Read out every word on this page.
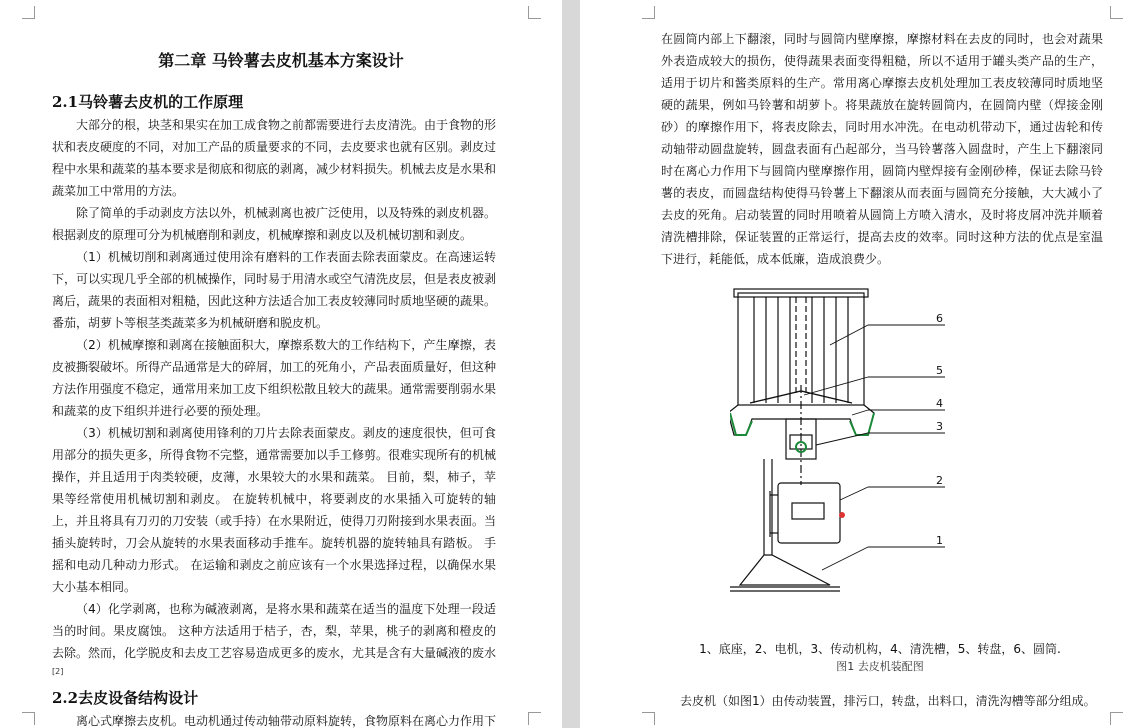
第二章 马铃薯去皮机基本方案设计
2.1马铃薯去皮机的工作原理

大部分的根，块茎和果实在加工成食物之前都需要进行去皮清洗。由于食物的形状和表皮硬度的不同，对加工产品的质量要求的不同，去皮要求也就有区别。剥皮过程中水果和蔬菜的基本要求是彻底和彻底的剥离，减少材料损失。机械去皮是水果和蔬菜加工中常用的方法。

除了简单的手动剥皮方法以外，机械剥离也被广泛使用，以及特殊的剥皮机器。根据剥皮的原理可分为机械磨削和剥皮，机械摩擦和剥皮以及机械切割和剥皮。

（1）机械切削和剥离通过使用涂有磨料的工作表面去除表面蒙皮。在高速运转下，可以实现几乎全部的机械操作，同时易于用清水或空气清洗皮层，但是表皮被剥离后，蔬果的表面相对粗糙，因此这种方法适合加工表皮较薄同时质地坚硬的蔬果。番茄，胡萝卜等根茎类蔬菜多为机械研磨和脱皮机。

（2）机械摩擦和剥离在接触面积大，摩擦系数大的工作结构下，产生摩擦，表皮被撕裂破坏。所得产品通常是大的碎屑，加工的死角小，产品表面质量好，但这种方法作用强度不稳定，通常用来加工皮下组织松散且较大的蔬果。通常需要削弱水果和蔬菜的皮下组织并进行必要的预处理。

（3）机械切割和剥离使用锋利的刀片去除表面蒙皮。剥皮的速度很快，但可食用部分的损失更多，所得食物不完整，通常需要加以手工修剪。很难实现所有的机械操作，并且适用于肉类较硬，皮薄，水果较大的水果和蔬菜。 目前，梨，柿子，苹果等经常使用机械切割和剥皮。 在旋转机械中，将要剥皮的水果插入可旋转的轴上，并且将具有刀刃的刀安装（或手持）在水果附近，使得刀刃附接到水果表面。当插头旋转时，刀会从旋转的水果表面移动手推车。旋转机器的旋转轴具有踏板。 手摇和电动几种动力形式。 在运输和剥皮之前应该有一个水果选择过程，以确保水果大小基本相同。

（4）化学剥离，也称为碱液剥离，是将水果和蔬菜在适当的温度下处理一段适当的时间。果皮腐蚀。 这种方法适用于桔子，杏，梨，苹果，桃子的剥离和橙皮的去除。然而，化学脱皮和去皮工艺容易造成更多的废水，尤其是含有大量碱液的废水[2]

2.2去皮设备结构设计

离心式摩擦去皮机。电动机通过传动轴带动原料旋转，食物原料在离心力作用下

在圆筒内部上下翻滚，同时与圆筒内壁摩擦，摩擦材料在去皮的同时，也会对蔬果外表造成较大的损伤，使得蔬果表面变得粗糙，所以不适用于罐头类产品的生产，适用于切片和酱类原料的生产。常用离心摩擦去皮机处理加工表皮较薄同时质地坚硬的蔬果，例如马铃薯和胡萝卜。将果蔬放在旋转圆筒内，在圆筒内壁（焊接金刚砂）的摩擦作用下，将表皮除去，同时用水冲洗。在电动机带动下，通过齿轮和传动轴带动圆盘旋转，圆盘表面有凸起部分，当马铃薯落入圆盘时，产生上下翻滚同时在离心力作用下与圆筒内壁摩擦作用，圆筒内壁焊接有金刚砂棒，保证去除马铃薯的表皮，而圆盘结构使得马铃薯上下翻滚从而表面与圆筒充分接触，大大减小了去皮的死角。启动装置的同时用喷着从圆筒上方喷入清水，及时将皮屑冲洗并顺着清洗槽排除，保证装置的正常运行，提高去皮的效率。同时这种方法的优点是室温下进行，耗能低，成本低廉，造成浪费少。

6
5
4
3
2
1
1、底座，2、电机，3、传动机构，4、清洗槽，5、转盘，6、圆筒.
图1 去皮机装配图

去皮机（如图1）由传动装置，排污口，转盘，出料口，清洗沟槽等部分组成。
